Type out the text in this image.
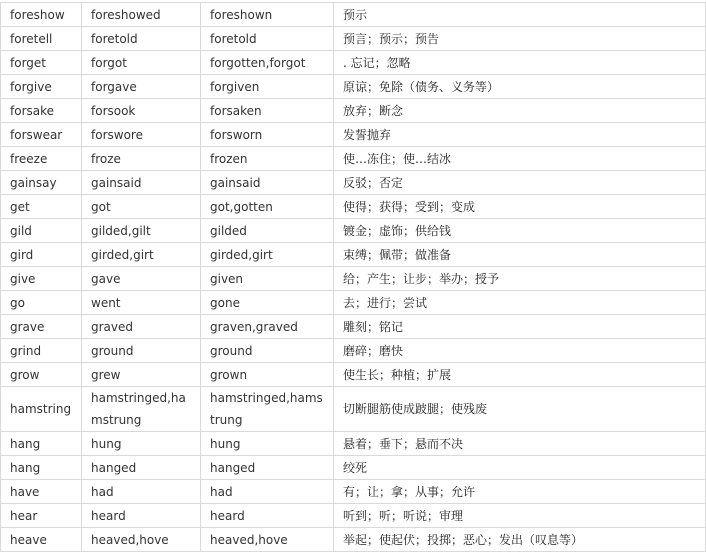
foreshow	foreshowed	foreshown	预示
foretell	foretold	foretold	预言；预示；预告
forget	forgot	forgotten,forgot	. 忘记；忽略
forgive	forgave	forgiven	原谅；免除（债务、义务等）
forsake	forsook	forsaken	放弃；断念
forswear	forswore	forsworn	发誓抛弃
freeze	froze	frozen	使…冻住；使…结冰
gainsay	gainsaid	gainsaid	反驳；否定
get	got	got,gotten	使得；获得；受到；变成
gild	gilded,gilt	gilded	镀金；虚饰；供给钱
gird	girded,girt	girded,girt	束缚；佩带；做准备
give	gave	given	给；产生；让步；举办；授予
go	went	gone	去；进行；尝试
grave	graved	graven,graved	雕刻；铭记
grind	ground	ground	磨碎；磨快
grow	grew	grown	使生长；种植；扩展
hamstring	hamstringed,hamstrung	hamstringed,hamstrung	切断腿筋使成跛腿；使残废
hang	hung	hung	悬着；垂下；悬而不决
hang	hanged	hanged	绞死
have	had	had	有；让；拿；从事；允许
hear	heard	heard	听到；听；听说；审理
heave	heaved,hove	heaved,hove	举起；使起伏；投掷；恶心；发出（叹息等）
